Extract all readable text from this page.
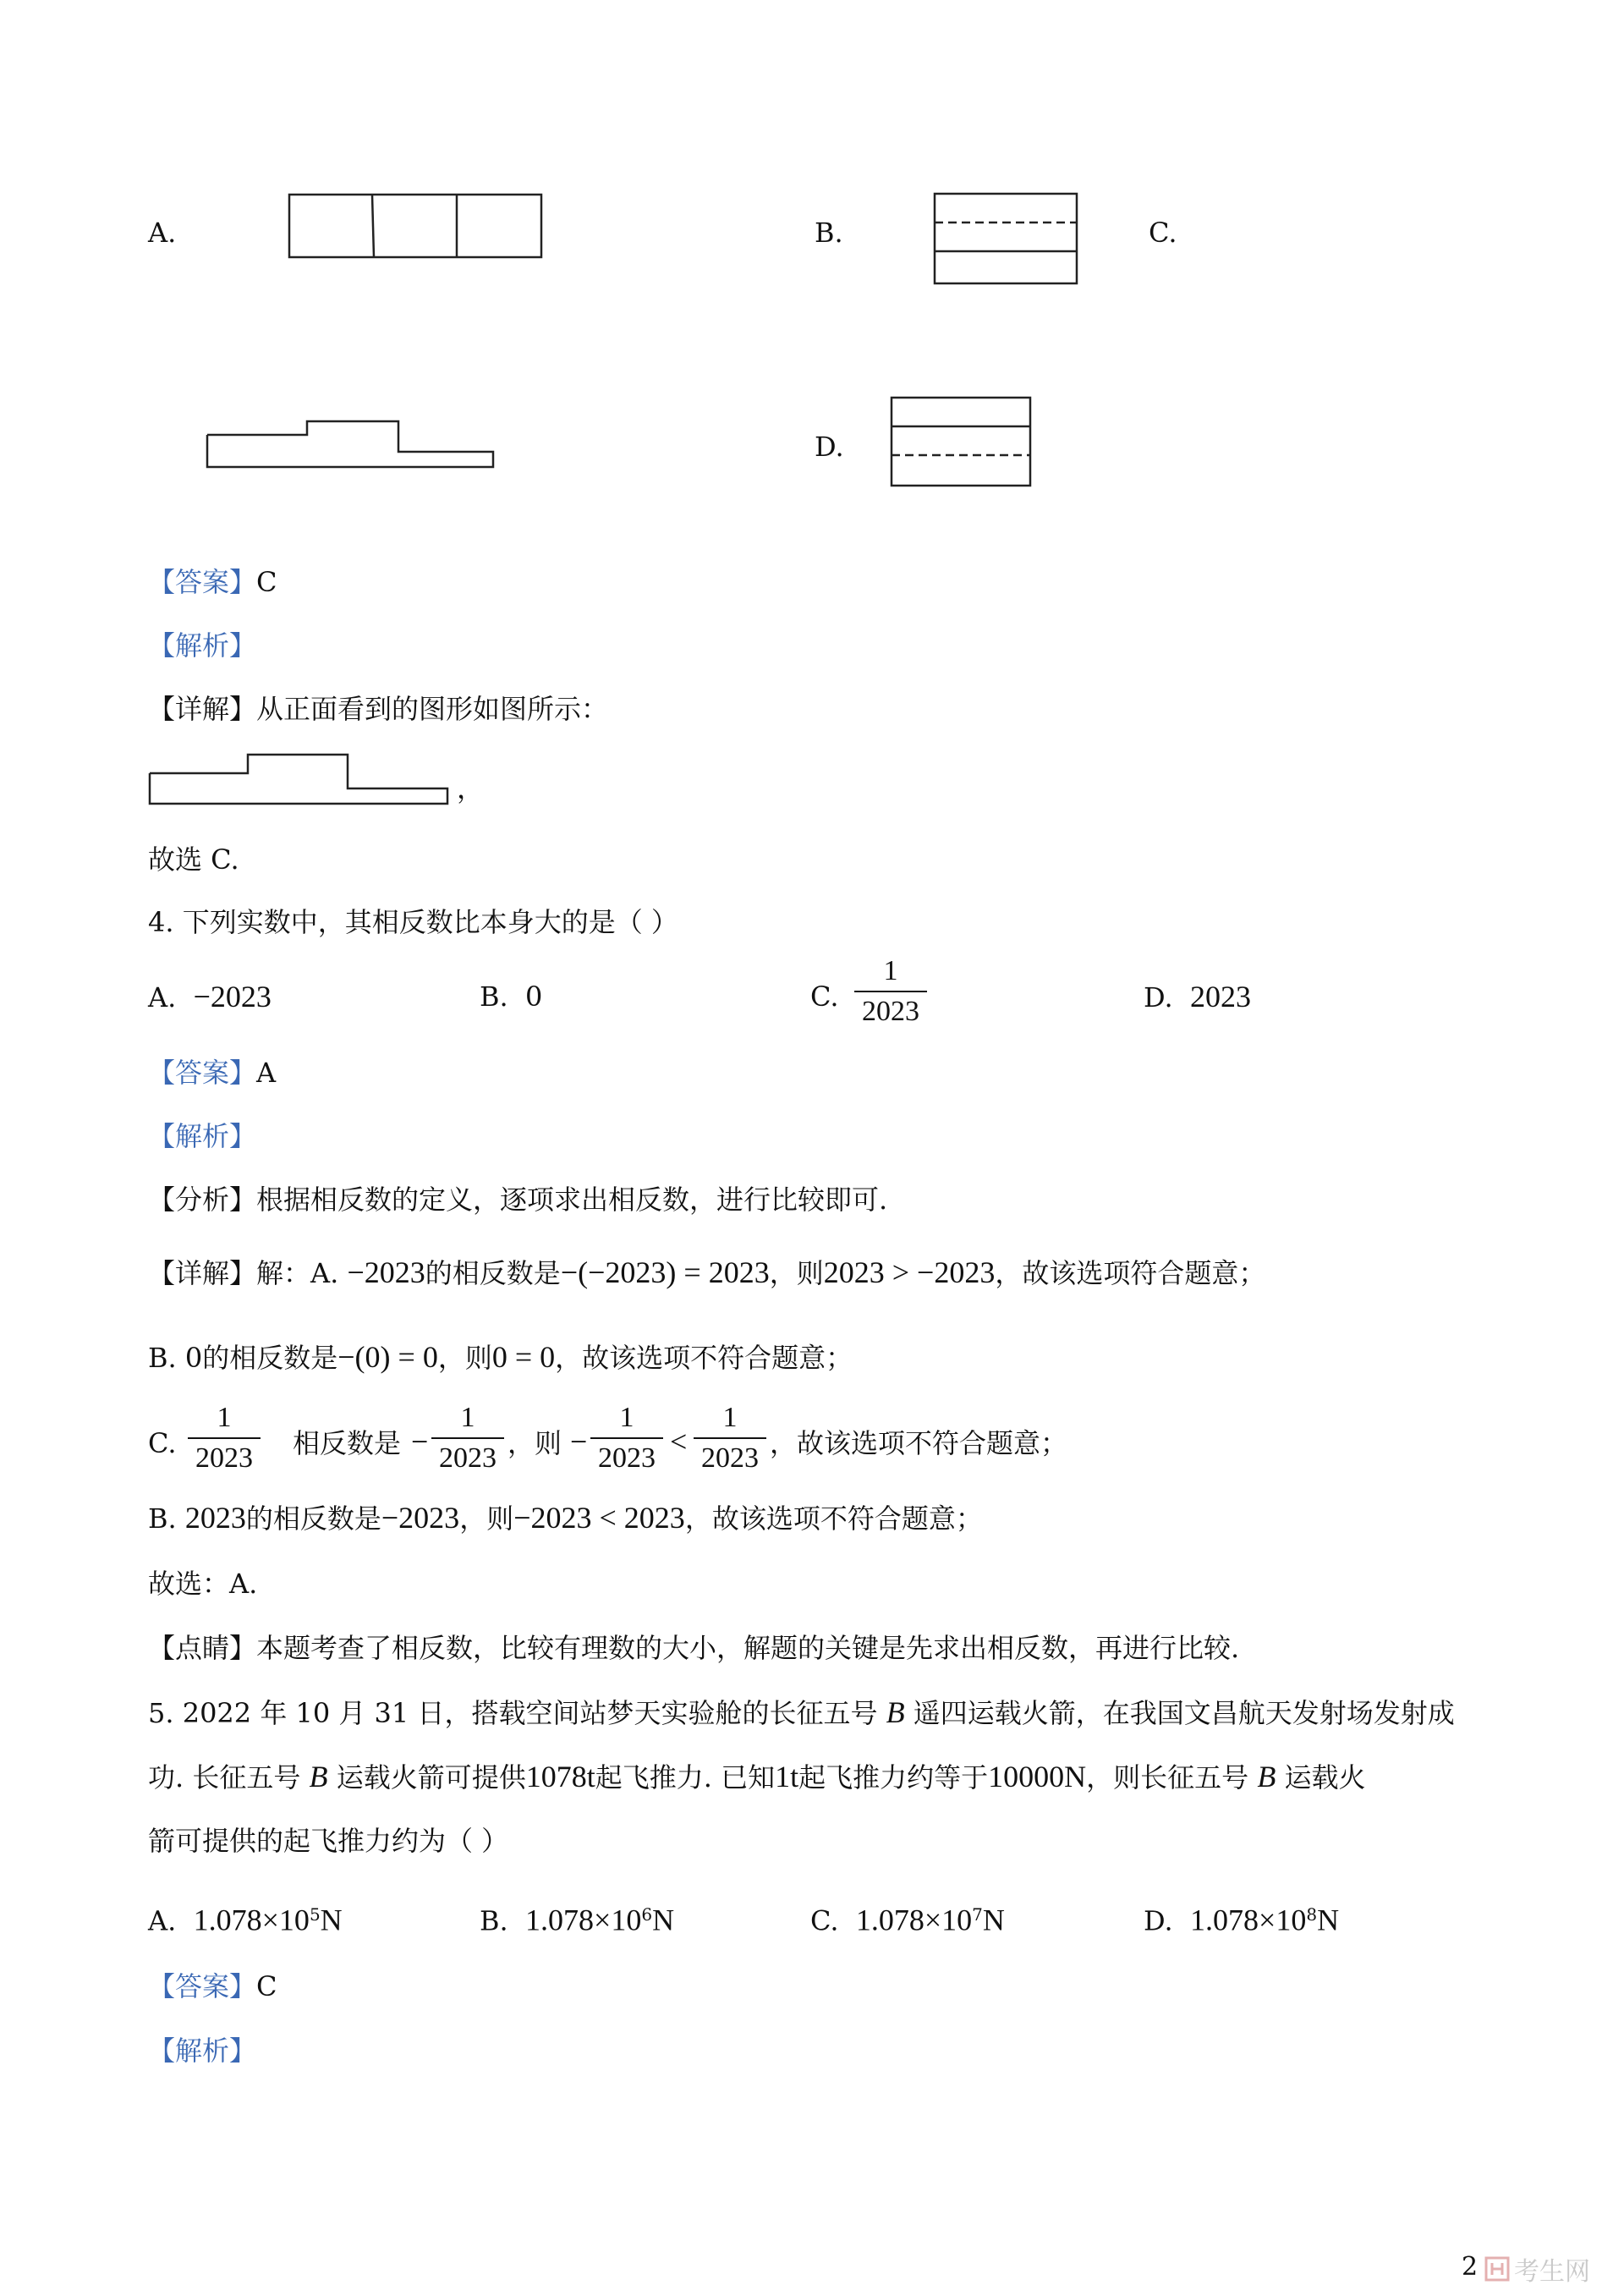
A.	B.	C.
D.
【答案】C
【解析】
【详解】从正面看到的图形如图所示：
，
故选 C.
4. 下列实数中，其相反数比本身大的是（ ）
A. −2023	B. 0	C.
1
2023	D. 2023
【答案】A
【解析】
【分析】根据相反数的定义，逐项求出相反数，进行比较即可.
【详解】解：A. −2023的相反数是−(−2023) = 2023，则2023 > −2023，故该选项符合题意；
B. 0的相反数是−(0) = 0，则0 = 0，故该选项不符合题意；
C.
1
2023 相反数是 −
1
2023 ，则 −
1
2023 <
1
2023 ，故该选项不符合题意；
B. 2023的相反数是−2023，则−2023 < 2023，故该选项不符合题意；
故选：A.
【点睛】本题考查了相反数，比较有理数的大小，解题的关键是先求出相反数，再进行比较.
5. 2022 年 10 月 31 日，搭载空间站梦天实验舱的长征五号 B 遥四运载火箭，在我国文昌航天发射场发射成
功. 长征五号 B 运载火箭可提供1078t起飞推力. 已知1t起飞推力约等于10000N，则长征五号 B 运载火
箭可提供的起飞推力约为（ ）
A. $1.078\times 10^5N$	B. $1.078\times 10^6N$	C. $1.078\times 10^7N$	D. $1.078\times 10^8N$
【答案】C
【解析】
2	考生网
